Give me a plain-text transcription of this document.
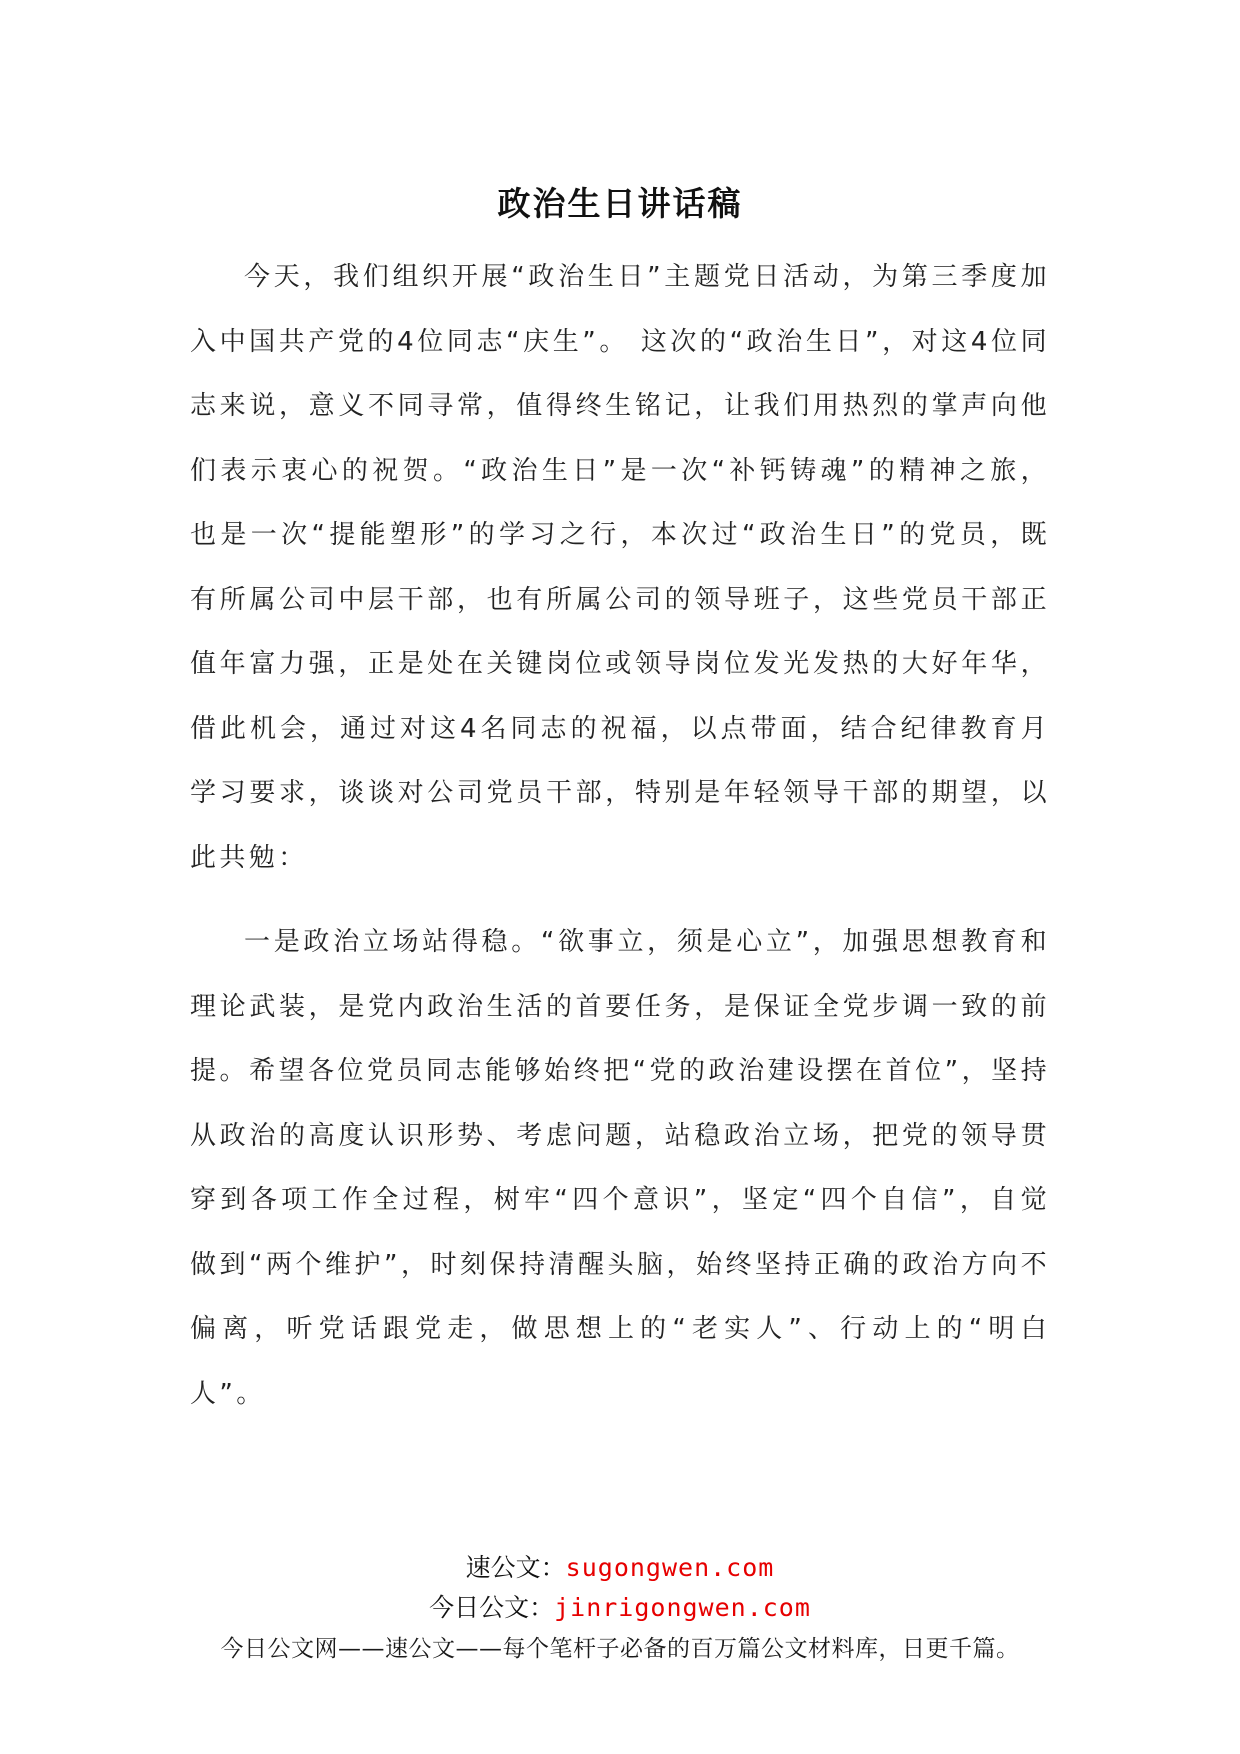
政治生日讲话稿

今天，我们组织开展“政治生日”主题党日活动，为第三季度加入中国共产党的4位同志“庆生”。 这次的“政治生日”，对这4位同志来说，意义不同寻常，值得终生铭记，让我们用热烈的掌声向他们表示衷心的祝贺。“政治生日”是一次“补钙铸魂”的精神之旅，也是一次“提能塑形”的学习之行，本次过“政治生日”的党员，既有所属公司中层干部，也有所属公司的领导班子，这些党员干部正值年富力强，正是处在关键岗位或领导岗位发光发热的大好年华，借此机会，通过对这4名同志的祝福，以点带面，结合纪律教育月学习要求，谈谈对公司党员干部，特别是年轻领导干部的期望，以此共勉：

一是政治立场站得稳。“欲事立，须是心立”，加强思想教育和理论武装，是党内政治生活的首要任务，是保证全党步调一致的前提。希望各位党员同志能够始终把“党的政治建设摆在首位”，坚持从政治的高度认识形势、考虑问题，站稳政治立场，把党的领导贯穿到各项工作全过程，树牢“四个意识”，坚定“四个自信”，自觉做到“两个维护”，时刻保持清醒头脑，始终坚持正确的政治方向不偏离，听党话跟党走，做思想上的“老实人”、行动上的“明白人”。

速公文：sugongwen.com
今日公文：jinrigongwen.com
今日公文网——速公文——每个笔杆子必备的百万篇公文材料库，日更千篇。
